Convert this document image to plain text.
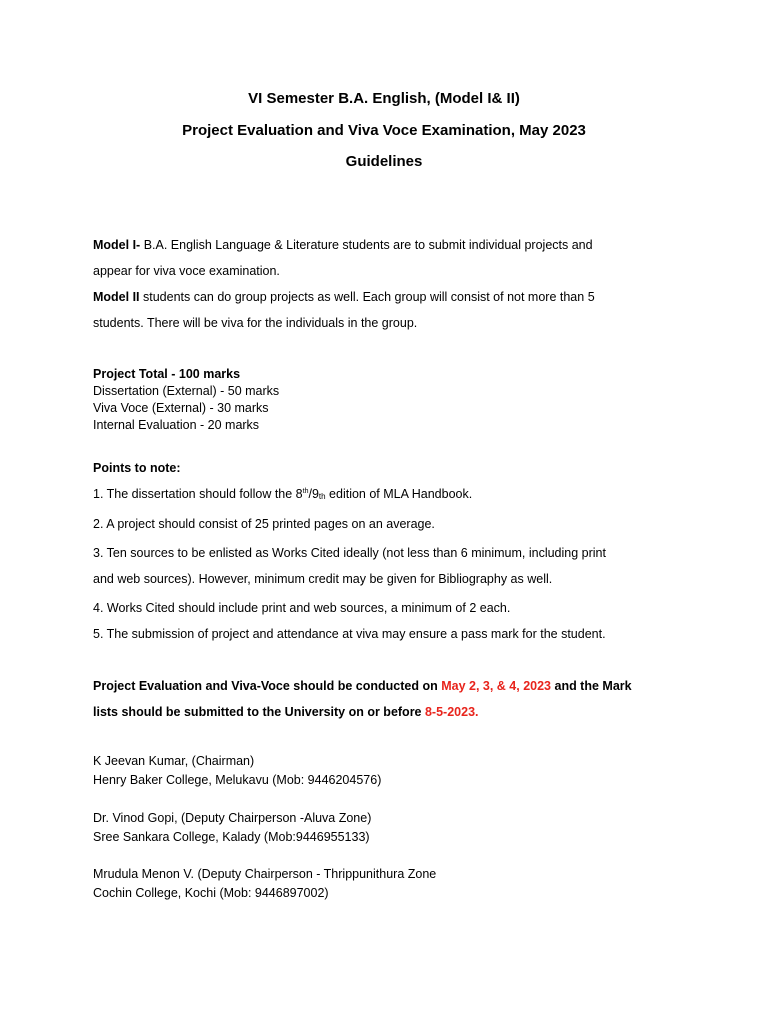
VI Semester B.A. English, (Model I& II)
Project Evaluation and Viva Voce Examination, May 2023
Guidelines
Model I- B.A. English Language & Literature students are to submit individual projects and
appear for viva voce examination.
Model II students can do group projects as well. Each group will consist of not more than 5
students. There will be viva for the individuals in the group.
Project Total - 100 marks
Dissertation (External) - 50 marks
Viva Voce (External) - 30 marks
Internal Evaluation - 20 marks
Points to note:
1. The dissertation should follow the 8th/9th edition of MLA Handbook.
2. A project should consist of 25 printed pages on an average.
3. Ten sources to be enlisted as Works Cited ideally (not less than 6 minimum, including print
and web sources). However, minimum credit may be given for Bibliography as well.
4. Works Cited should include print and web sources, a minimum of 2 each.
5. The submission of project and attendance at viva may ensure a pass mark for the student.
Project Evaluation and Viva-Voce should be conducted on May 2, 3, & 4, 2023 and the Mark
lists should be submitted to the University on or before 8-5-2023.
K Jeevan Kumar, (Chairman)
Henry Baker College, Melukavu (Mob: 9446204576)
Dr. Vinod Gopi, (Deputy Chairperson -Aluva Zone)
Sree Sankara College, Kalady (Mob:9446955133)
Mrudula Menon V. (Deputy Chairperson - Thrippunithura Zone
Cochin College, Kochi (Mob: 9446897002)
